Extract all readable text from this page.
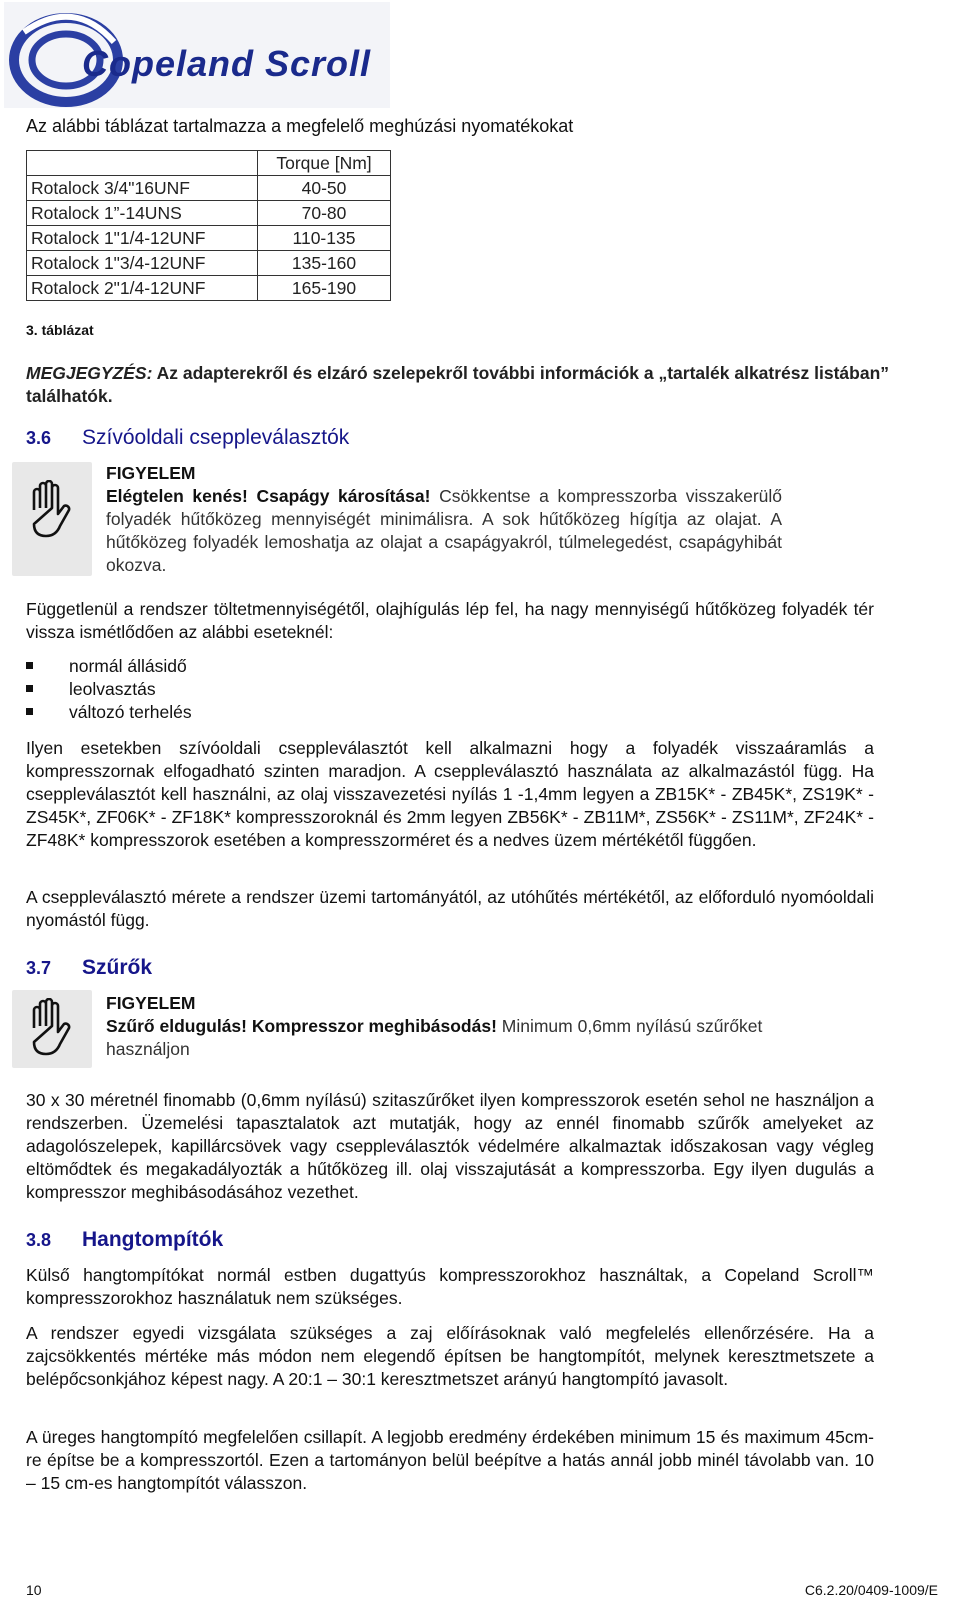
Copeland Scroll

Az alábbi táblázat tartalmazza a megfelelő meghúzási nyomatékokat

	Torque [Nm]
Rotalock 3/4"16UNF	40-50
Rotalock 1”-14UNS	70-80
Rotalock 1"1/4-12UNF	110-135
Rotalock 1"3/4-12UNF	135-160
Rotalock 2"1/4-12UNF	165-190

3. táblázat

MEGJEGYZÉS: Az adapterekről és elzáró szelepekről további információk a „tartalék alkatrész listában” találhatók.

3.6 Szívóoldali cseppleválasztók
FIGYELEM
Elégtelen kenés! Csapágy károsítása! Csökkentse a kompresszorba visszakerülő folyadék hűtőközeg mennyiségét minimálisra. A sok hűtőközeg hígítja az olajat. A hűtőközeg folyadék lemoshatja az olajat a csapágyakról, túlmelegedést, csapágyhibát okozva.

Függetlenül a rendszer töltetmennyiségétől, olajhígulás lép fel, ha nagy mennyiségű hűtőközeg folyadék tér vissza ismétlődően az alábbi eseteknél:

normál állásidő
leolvasztás
változó terhelés

Ilyen esetekben szívóoldali cseppleválasztót kell alkalmazni hogy a folyadék visszaáramlás a kompresszornak elfogadható szinten maradjon. A cseppleválasztó használata az alkalmazástól függ. Ha cseppleválasztót kell használni, az olaj visszavezetési nyílás 1 -1,4mm legyen a ZB15K* - ZB45K*, ZS19K* - ZS45K*, ZF06K* - ZF18K* kompresszoroknál és 2mm legyen ZB56K* - ZB11M*, ZS56K* - ZS11M*, ZF24K* - ZF48K* kompresszorok esetében a kompresszorméret és a nedves üzem mértékétől függően.

A cseppleválasztó mérete a rendszer üzemi tartományától, az utóhűtés mértékétől, az előforduló nyomóoldali nyomástól függ.

3.7 Szűrők
FIGYELEM
Szűrő eldugulás! Kompresszor meghibásodás! Minimum 0,6mm nyílású szűrőket használjon

30 x 30 méretnél finomabb (0,6mm nyílású) szitaszűrőket ilyen kompresszorok esetén sehol ne használjon a rendszerben. Üzemelési tapasztalatok azt mutatják, hogy az ennél finomabb szűrők amelyeket az adagolószelepek, kapillárcsövek vagy cseppleválasztók védelmére alkalmaztak időszakosan vagy végleg eltömődtek és megakadályozták a hűtőközeg ill. olaj visszajutását a kompresszorba. Egy ilyen dugulás a kompresszor meghibásodásához vezethet.

3.8 Hangtompítók

Külső hangtompítókat normál estben dugattyús kompresszorokhoz használtak, a Copeland Scroll™ kompresszorokhoz használatuk nem szükséges.

A rendszer egyedi vizsgálata szükséges a zaj előírásoknak való megfelelés ellenőrzésére. Ha a zajcsökkentés mértéke más módon nem elegendő építsen be hangtompítót, melynek keresztmetszete a belépőcsonkjához képest nagy. A 20:1 – 30:1 keresztmetszet arányú hangtompító javasolt.

A üreges hangtompító megfelelően csillapít. A legjobb eredmény érdekében minimum 15 és maximum 45cm-re építse be a kompresszortól. Ezen a tartományon belül beépítve a hatás annál jobb minél távolabb van. 10 – 15 cm-es hangtompítót válasszon.

10	C6.2.20/0409-1009/E
